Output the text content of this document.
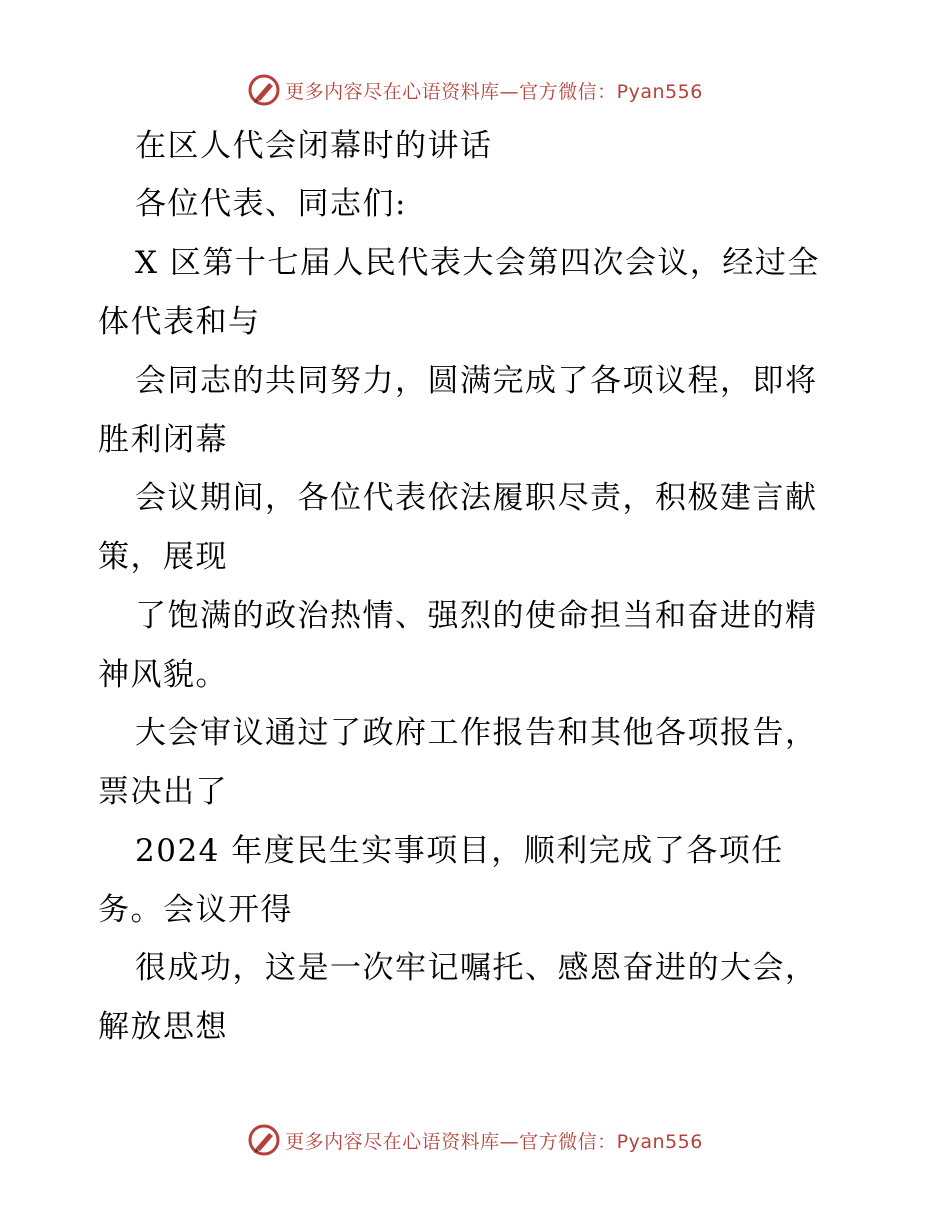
更多内容尽在心语资料库—官方微信：Pyan556
在区人代会闭幕时的讲话
各位代表、同志们:
X 区第十七届人民代表大会第四次会议，经过全
体代表和与
会同志的共同努力，圆满完成了各项议程，即将
胜利闭幕
会议期间，各位代表依法履职尽责，积极建言献
策，展现
了饱满的政治热情、强烈的使命担当和奋进的精
神风貌。
大会审议通过了政府工作报告和其他各项报告，
票决出了
2024 年度民生实事项目，顺利完成了各项任
务。会议开得
很成功，这是一次牢记嘱托、感恩奋进的大会，
解放思想
更多内容尽在心语资料库—官方微信：Pyan556
